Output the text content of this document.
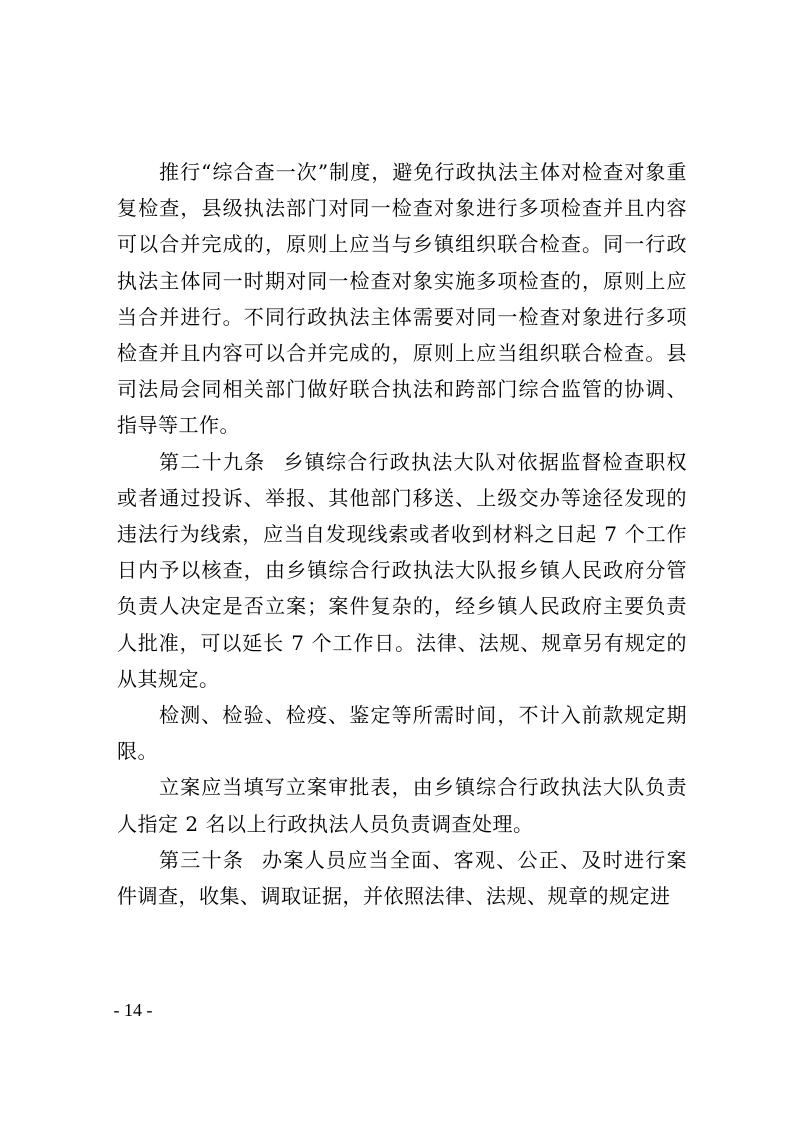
推行“综合查一次”制度，避免行政执法主体对检查对象重复检查，县级执法部门对同一检查对象进行多项检查并且内容可以合并完成的，原则上应当与乡镇组织联合检查。同一行政执法主体同一时期对同一检查对象实施多项检查的，原则上应当合并进行。不同行政执法主体需要对同一检查对象进行多项检查并且内容可以合并完成的，原则上应当组织联合检查。县司法局会同相关部门做好联合执法和跨部门综合监管的协调、指导等工作。

第二十九条 乡镇综合行政执法大队对依据监督检查职权或者通过投诉、举报、其他部门移送、上级交办等途径发现的违法行为线索，应当自发现线索或者收到材料之日起 7 个工作日内予以核查，由乡镇综合行政执法大队报乡镇人民政府分管负责人决定是否立案；案件复杂的，经乡镇人民政府主要负责人批准，可以延长 7 个工作日。法律、法规、规章另有规定的从其规定。

检测、检验、检疫、鉴定等所需时间，不计入前款规定期限。

立案应当填写立案审批表，由乡镇综合行政执法大队负责人指定 2 名以上行政执法人员负责调查处理。

第三十条 办案人员应当全面、客观、公正、及时进行案件调查，收集、调取证据，并依照法律、法规、规章的规定进

- 14 -
